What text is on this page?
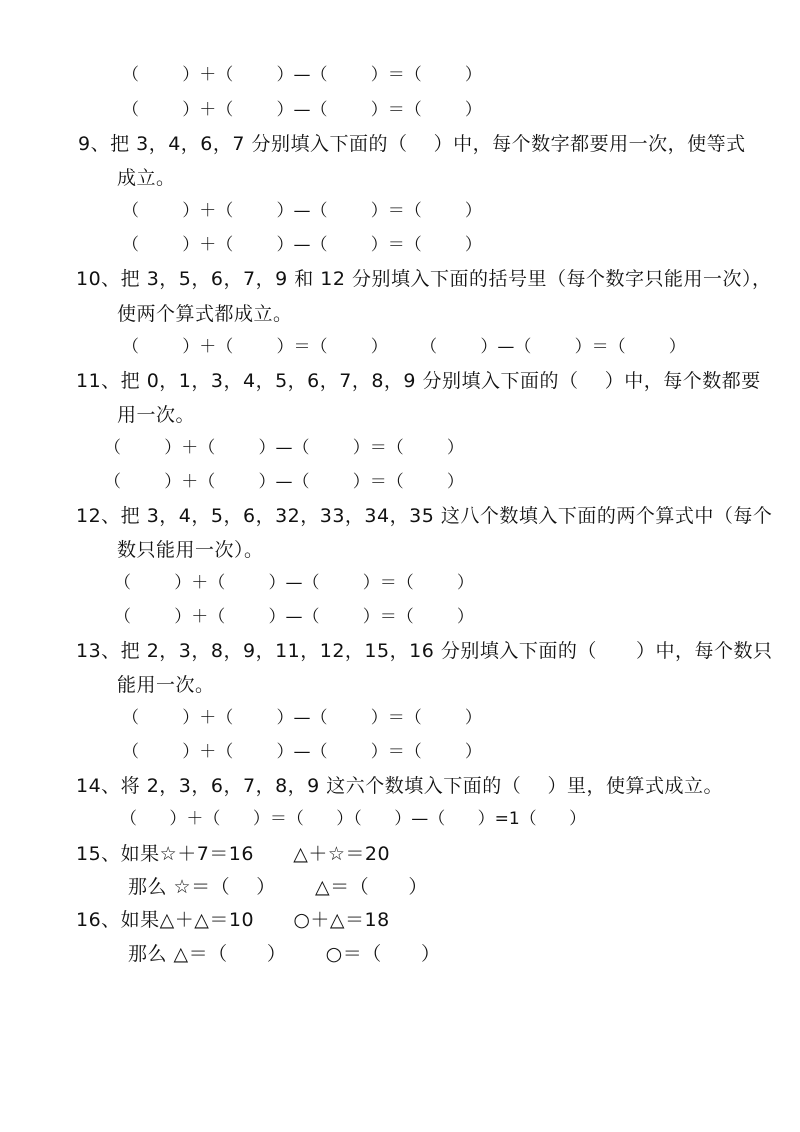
（        ）＋（        ）—（        ）＝（        ）
（        ）＋（        ）—（        ）＝（        ）
9、把 3，4，6，7 分别填入下面的（    ）中，每个数字都要用一次，使等式
成立。
（        ）＋（        ）—（        ）＝（        ）
（        ）＋（        ）—（        ）＝（        ）
10、把 3，5，6，7，9 和 12 分别填入下面的括号里（每个数字只能用一次），
使两个算式都成立。
（        ）＋（        ）＝（        ）      （        ）—（        ）＝（        ）
11、把 0，1，3，4，5，6，7，8，9 分别填入下面的（    ）中，每个数都要
用一次。
（        ）＋（        ）—（        ）＝（        ）
（        ）＋（        ）—（        ）＝（        ）
12、把 3，4，5，6，32，33，34，35 这八个数填入下面的两个算式中（每个
数只能用一次）。
（        ）＋（        ）—（        ）＝（        ）
（        ）＋（        ）—（        ）＝（        ）
13、把 2，3，8，9，11，12，15，16 分别填入下面的（      ）中，每个数只
能用一次。
（        ）＋（        ）—（        ）＝（        ）
（        ）＋（        ）—（        ）＝（        ）
14、将 2，3，6，7，8，9 这六个数填入下面的（    ）里，使算式成立。
（      ）＋（      ）＝（      ）（      ）—（      ）=1（      ）
15、如果☆＋7＝16      △＋☆＝20
那么 ☆＝（    ）      △＝（      ）
16、如果△＋△＝10      ○＋△＝18
那么 △＝（      ）      ○＝（      ）
